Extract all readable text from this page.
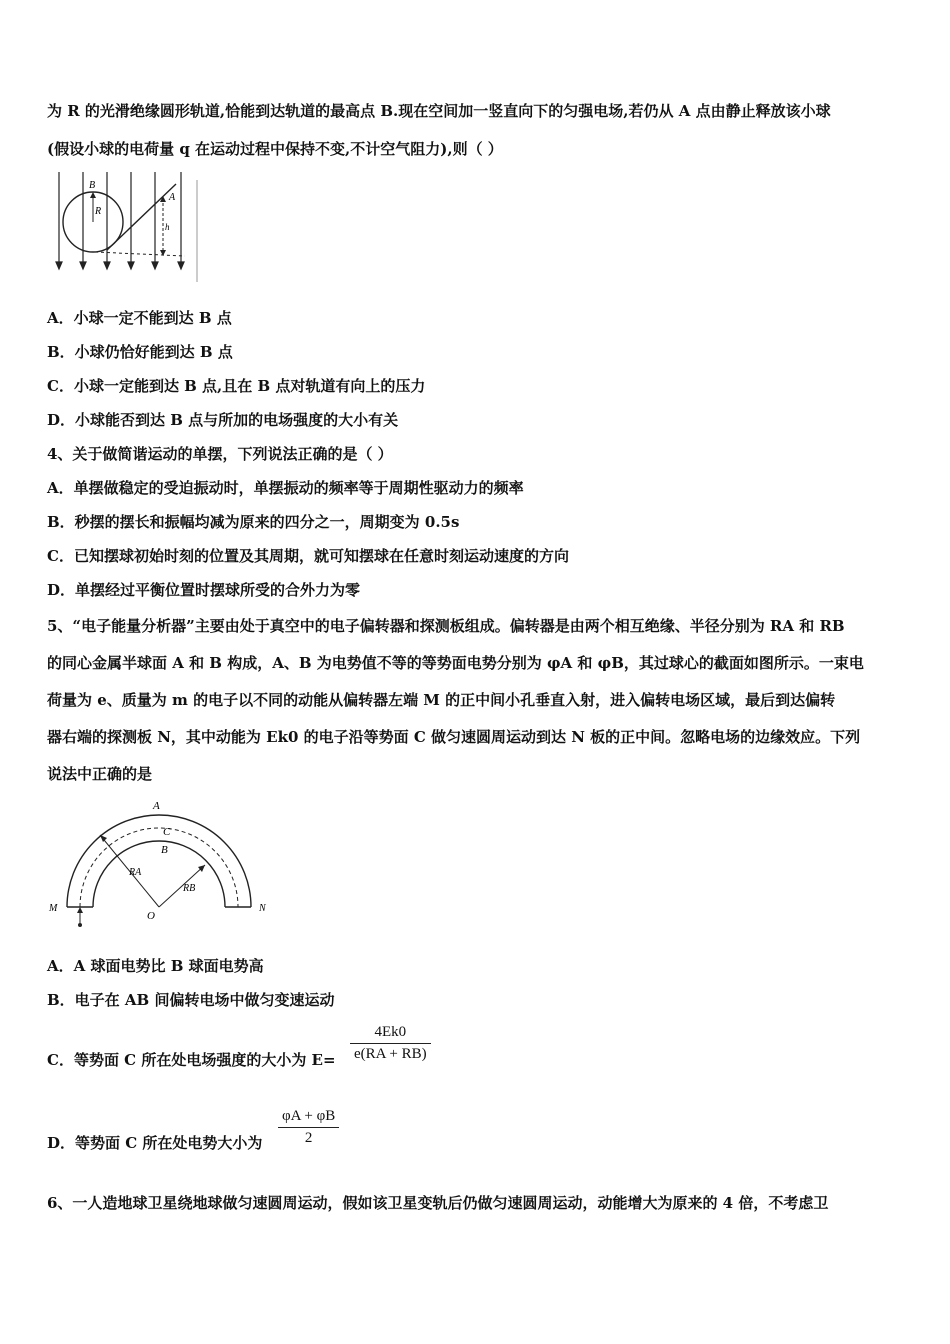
为 R 的光滑绝缘圆形轨道,恰能到达轨道的最高点 B.现在空间加一竖直向下的匀强电场,若仍从 A 点由静止释放该小球
(假设小球的电荷量 q 在运动过程中保持不变,不计空气阻力),则（ ）
B
R
A
h
A．小球一定不能到达 B 点
B．小球仍恰好能到达 B 点
C．小球一定能到达 B 点,且在 B 点对轨道有向上的压力
D．小球能否到达 B 点与所加的电场强度的大小有关
4、关于做简谐运动的单摆，下列说法正确的是（ ）
A．单摆做稳定的受迫振动时，单摆振动的频率等于周期性驱动力的频率
B．秒摆的摆长和振幅均减为原来的四分之一，周期变为 0.5s
C．已知摆球初始时刻的位置及其周期，就可知摆球在任意时刻运动速度的方向
D．单摆经过平衡位置时摆球所受的合外力为零
5、“电子能量分析器”主要由处于真空中的电子偏转器和探测板组成。偏转器是由两个相互绝缘、半径分别为 RA 和 RB
的同心金属半球面 A 和 B 构成，A、B 为电势值不等的等势面电势分别为 φA 和 φB，其过球心的截面如图所示。一束电
荷量为 e、质量为 m 的电子以不同的动能从偏转器左端 M 的正中间小孔垂直入射，进入偏转电场区域，最后到达偏转
器右端的探测板 N，其中动能为 Ek0 的电子沿等势面 C 做匀速圆周运动到达 N 板的正中间。忽略电场的边缘效应。下列
说法中正确的是
A
C
B
RA
RB
O
M	N
A．A 球面电势比 B 球面电势高
B．电子在 AB 间偏转电场中做匀变速运动
C．等势面 C 所在处电场强度的大小为 E=
4Ek0
e(RA + RB)
D．等势面 C 所在处电势大小为
φA + φB
2
6、一人造地球卫星绕地球做匀速圆周运动，假如该卫星变轨后仍做匀速圆周运动，动能增大为原来的 4 倍，不考虑卫
